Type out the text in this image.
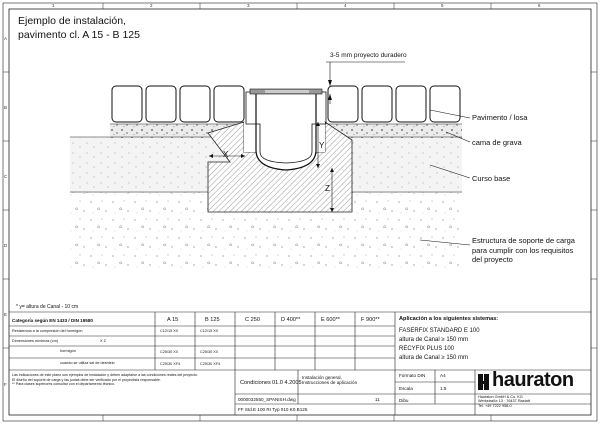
1	2	3	4	5	6
A
B
C
D
E
F
Ejemplo de instalación,
pavimento cl. A 15 - B 125
3-5 mm proyecto duradero
Pavimento / losa
cama de grava
Curso base
Estructura de soporte de carga
para cumplir con los requisitos
del proyecto
X
Y
Z
* y= altura de Canal - 10 cm
Categoría según EN 1433 / DIN 19580	A 15	B 125	C 250	D 400**	E 600**	F 900**
Resistencia a la compresión del hormigón	C12/15 X0	C12/15 X0
Dimensiones mínimas (cm)	X Z
hormigón	C25/30 X0	C25/30 X0
cuando se utiliza sal de deshielo	C25/30 XF4	C25/30 XF4
Las indicaciones de este plano son ejemplos de instalación y deben adaptarse a las condiciones reales del proyecto.
El diseño del soporte de carga y las juntas debe ser verificado por el proyectista responsable.
** Para clases superiores consultar con el departamento técnico.
Aplicación a los siguientes sistemas:
FASERFIX STANDARD E 100
altura de Canal ≥ 150 mm
RECYFIX PLUS 100
altura de Canal ≥ 150 mm
Condiciones 01.0 4.2005
Instalación general,
Instrucciones de aplicación
0000032550_SPANISH.dwg	11
FF Std.E 100 RI Typ 010 K0.B125
Formato DIN	A4
Escala	1:5
Dibu
hauraton
Hauraton GmbH & Co. KG
Werkstraße 13 · 76437 Rastatt
Tel. +49 7222 958-0
